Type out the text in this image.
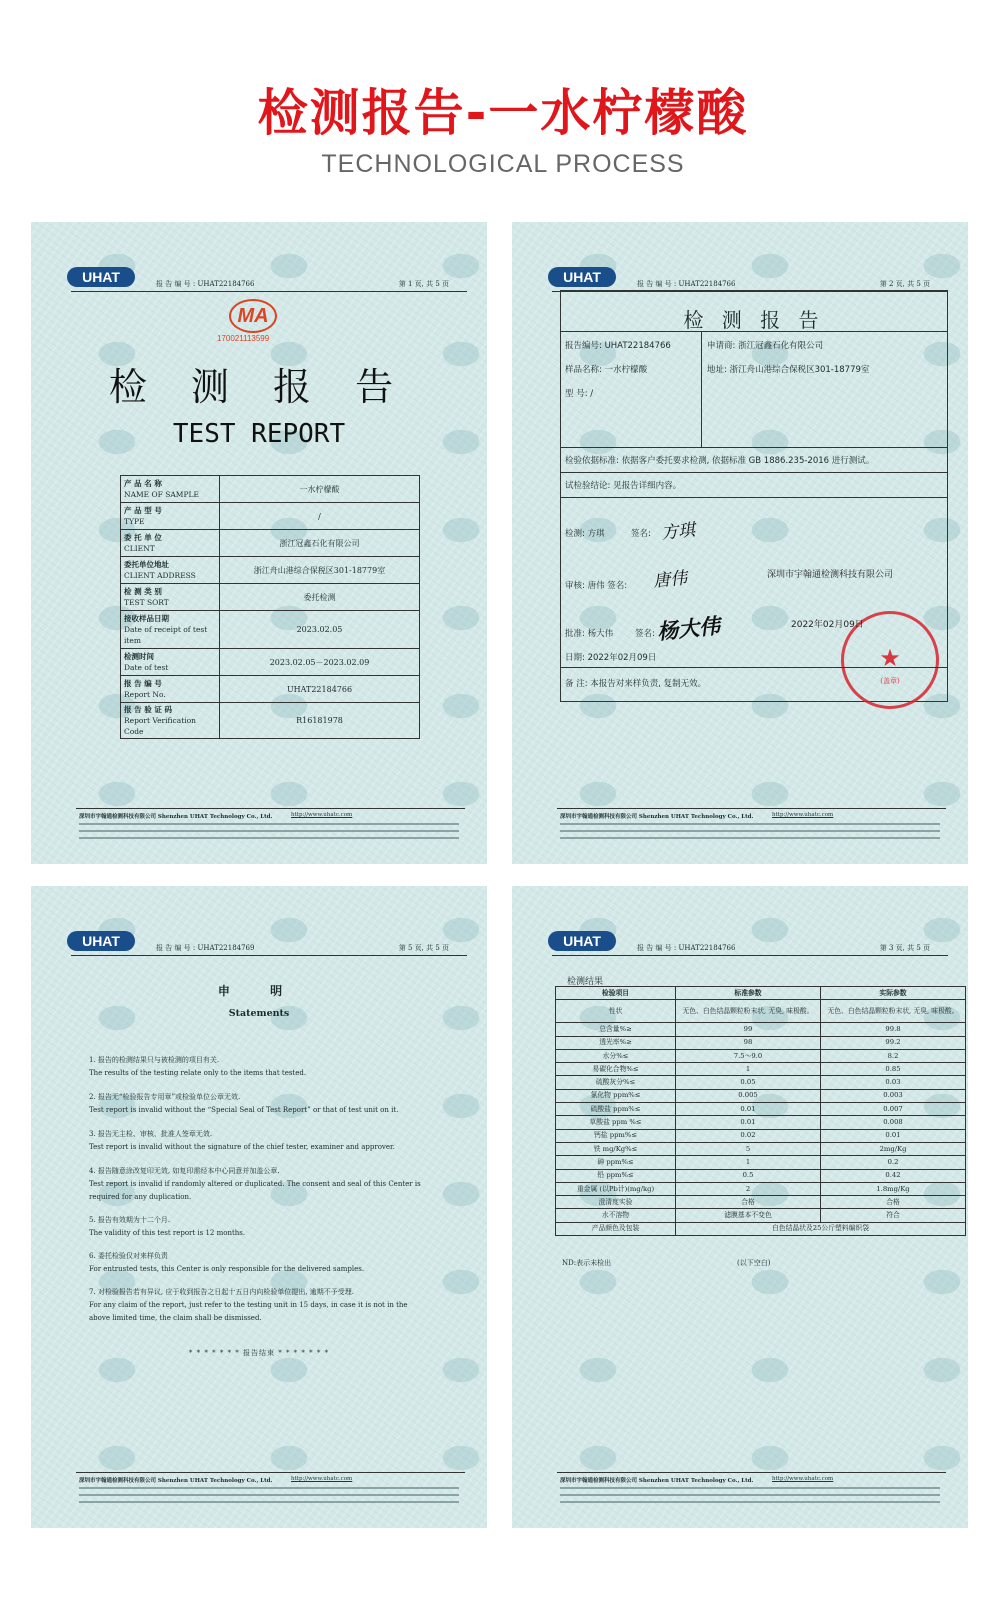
检测报告-一水柠檬酸
TECHNOLOGICAL PROCESS
UHAT	报 告 编 号 : UHAT22184766	第 1 页, 共 5 页
MA
170021113599
检 测 报 告
TEST REPORT
产 品 名 称
NAME OF SAMPLE	一水柠檬酸

产 品 型 号
TYPE	/

委 托 单 位
CLIENT	浙江冠鑫石化有限公司

委托单位地址
CLIENT ADDRESS	浙江舟山港综合保税区301-18779室

检 测 类 别
TEST SORT	委托检测

接收样品日期
Date of receipt of test item	2023.02.05

检测时间
Date of test	2023.02.05－2023.02.09

报 告 编 号
Report No.	UHAT22184766

报 告 验 证 码
Report Verification Code	R16181978
深圳市宇翰通检测科技有限公司 Shenzhen UHAT Technology Co., Ltd.	http://www.uhatc.com
UHAT	报 告 编 号 : UHAT22184766	第 2 页, 共 5 页
检 测 报 告
报告编号: UHAT22184766	申请商: 浙江冠鑫石化有限公司
样品名称: 一水柠檬酸	地址: 浙江舟山港综合保税区301-18779室
型 号: /
检验依据标准: 依据客户委托要求检测, 依据标准 GB 1886.235-2016 进行测试。
试检验结论: 见报告详细内容。
检测: 方琪	签名: 方琪
审核: 唐伟 签名: 唐伟
批准: 杨大伟	签名: 杨大伟
日期: 2022年02月09日	★
(盖章)
深圳市宇翰通检测科技有限公司
2022年02月09日
备 注: 本报告对来样负责, 复制无效。
深圳市宇翰通检测科技有限公司 Shenzhen UHAT Technology Co., Ltd.	http://www.uhatc.com
UHAT	报 告 编 号 : UHAT22184769	第 5 页, 共 5 页
申 明
Statements
1. 报告的检测结果只与被检测的项目有关.
The results of the testing relate only to the items that tested.
2. 报告无“检验报告专用章”或检验单位公章无效.
Test report is invalid without the “Special Seal of Test Report” or that of test unit on it.
3. 报告无主检、审核、批准人签章无效.
Test report is invalid without the signature of the chief tester, examiner and approver.
4. 报告随意涂改复印无效, 如复印需经本中心同意并加盖公章.
Test report is invalid if randomly altered or duplicated. The consent and seal of this Center is required for any duplication.
5. 报告有效期为十二个月.
The validity of this test report is 12 months.
6. 委托检验仅对来样负责
For entrusted tests, this Center is only responsible for the delivered samples.
7. 对检验报告若有异议, 应于收到报告之日起十五日内向检验单位提出, 逾期不予受理.
For any claim of the report, just refer to the testing unit in 15 days, in case it is not in the above limited time, the claim shall be dismissed.
* * * * * * * 报告结束 * * * * * * *
深圳市宇翰通检测科技有限公司 Shenzhen UHAT Technology Co., Ltd.	http://www.uhatc.com
UHAT	报 告 编 号 : UHAT22184766	第 3 页, 共 5 页
检测结果
检验项目	标准参数	实际参数
性状	无色、白色结晶颗粒粉末状, 无臭, 味极酸。	无色、白色结晶颗粒粉末状, 无臭, 味极酸。
总含量%≥	99	99.8
透光率%≥	98	99.2
水分%≤	7.5～9.0	8.2
易碳化合物%≤	1	0.85
硫酸灰分%≤	0.05	0.03
氯化物 ppm%≤	0.005	0.003
硫酸盐 ppm%≤	0.01	0.007
草酸盐 ppm %≤	0.01	0.008
钙盐 ppm%≤	0.02	0.01
铁 mg/Kg%≤	5	2mg/Kg
砷 ppm%≤	1	0.2
铅 ppm%≤	0.5	0.42
重金属 (以Pb计)(mg/kg)	2	1.8mg/Kg
澄清度实验	合格	合格
水不溶物	滤膜基本不变色	符合
产品颜色及包装	白色结晶状及25公斤塑料编织袋	
ND:表示未检出	(以下空白)
深圳市宇翰通检测科技有限公司 Shenzhen UHAT Technology Co., Ltd.	http://www.uhatc.com
